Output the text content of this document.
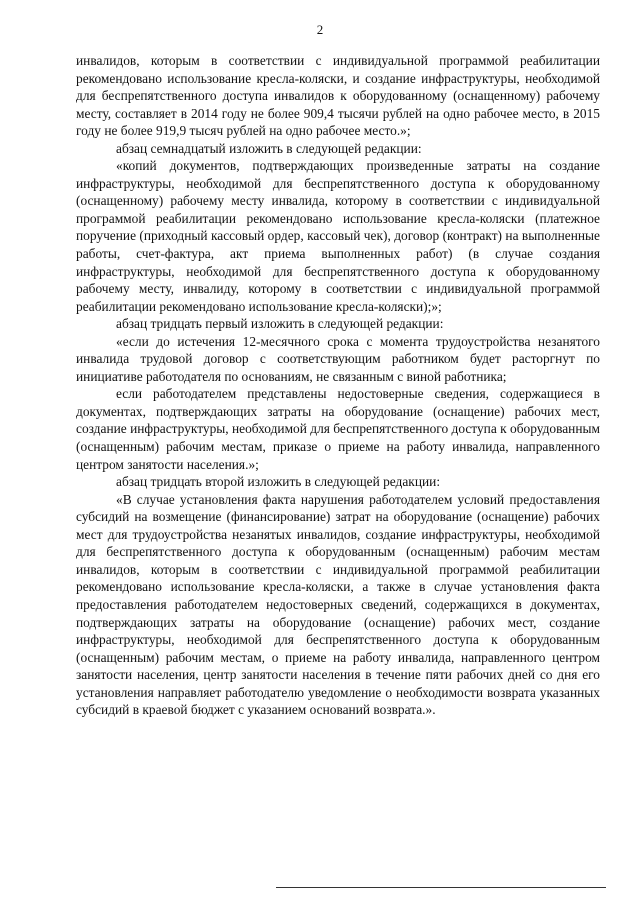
2

инвалидов, которым в соответствии с индивидуальной программой реабилитации рекомендовано использование кресла-коляски, и создание инфраструктуры, необходимой для беспрепятственного доступа инвалидов к оборудованному (оснащенному) рабочему месту, составляет в 2014 году не более 909,4 тысячи рублей на одно рабочее место, в 2015 году не более 919,9 тысяч рублей на одно рабочее место.»;

абзац семнадцатый изложить в следующей редакции:

«копий документов, подтверждающих произведенные затраты на создание инфраструктуры, необходимой для беспрепятственного доступа к оборудованному (оснащенному) рабочему месту инвалида, которому в соответствии с индивидуальной программой реабилитации рекомендовано использование кресла-коляски (платежное поручение (приходный кассовый ордер, кассовый чек), договор (контракт) на выполненные работы, счет-фактура, акт приема выполненных работ) (в случае создания инфраструктуры, необходимой для беспрепятственного доступа к оборудованному рабочему месту, инвалиду, которому в соответствии с индивидуальной программой реабилитации рекомендовано использование кресла-коляски);»;

абзац тридцать первый изложить в следующей редакции:

«если до истечения 12-месячного срока с момента трудоустройства незанятого инвалида трудовой договор с соответствующим работником будет расторгнут по инициативе работодателя по основаниям, не связанным с виной работника;

если работодателем представлены недостоверные сведения, содержащиеся в документах, подтверждающих затраты на оборудование (оснащение) рабочих мест, создание инфраструктуры, необходимой для беспрепятственного доступа к оборудованным (оснащенным) рабочим местам, приказе о приеме на работу инвалида, направленного центром занятости населения.»;

абзац тридцать второй изложить в следующей редакции:

«В случае установления факта нарушения работодателем условий предоставления субсидий на возмещение (финансирование) затрат на оборудование (оснащение) рабочих мест для трудоустройства незанятых инвалидов, создание инфраструктуры, необходимой для беспрепятственного доступа к оборудованным (оснащенным) рабочим местам инвалидов, которым в соответствии с индивидуальной программой реабилитации рекомендовано использование кресла-коляски, а также в случае установления факта предоставления работодателем недостоверных сведений, содержащихся в документах, подтверждающих затраты на оборудование (оснащение) рабочих мест, создание инфраструктуры, необходимой для беспрепятственного доступа к оборудованным (оснащенным) рабочим местам, о приеме на работу инвалида, направленного центром занятости населения, центр занятости населения в течение пяти рабочих дней со дня его установления направляет работодателю уведомление о необходимости возврата указанных субсидий в краевой бюджет с указанием оснований возврата.».
